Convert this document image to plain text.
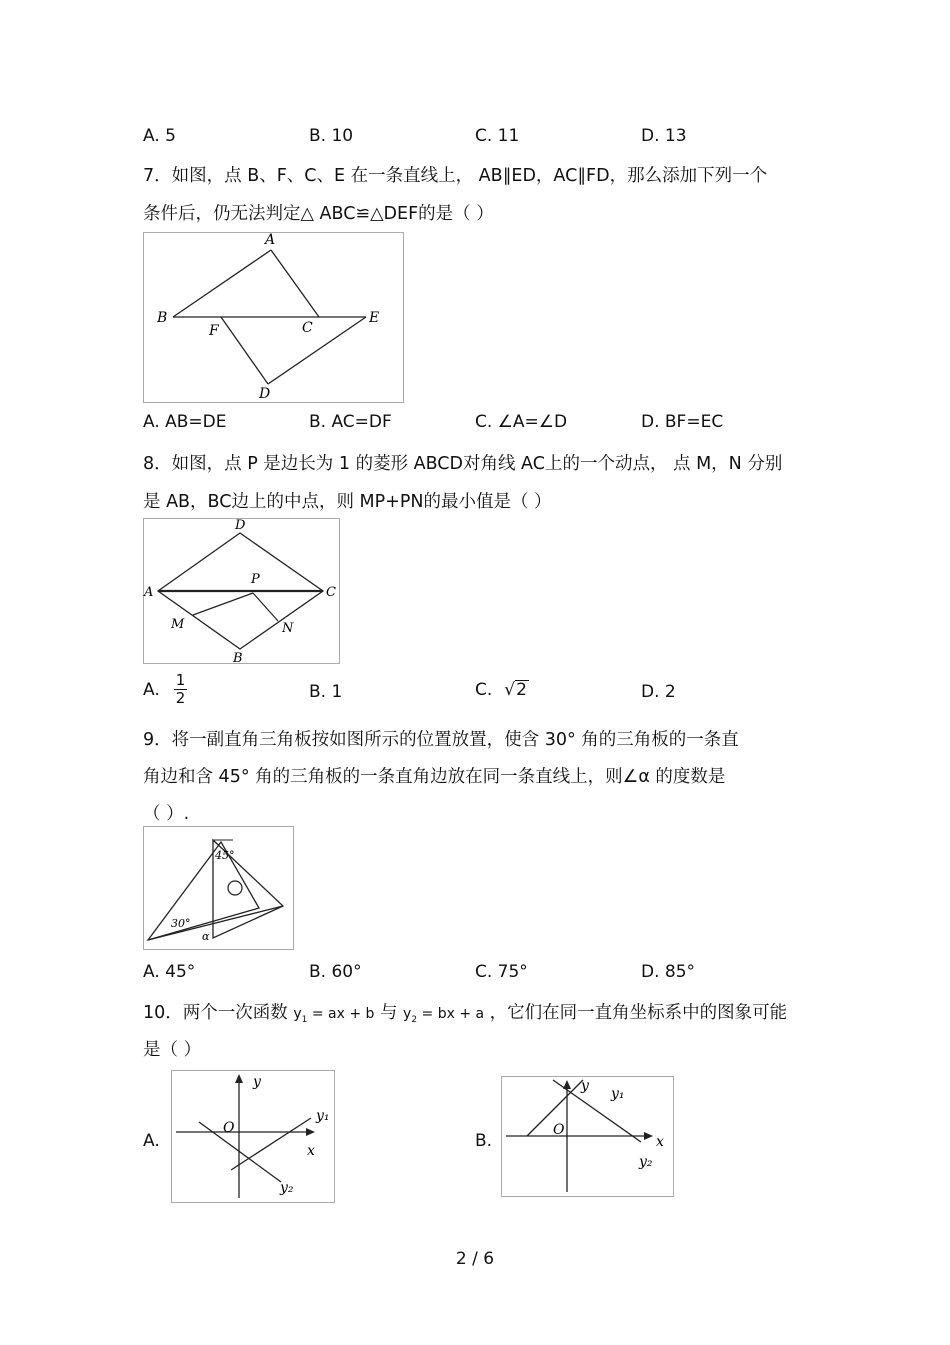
A. 5	B. 10	C. 11	D. 13
7．如图，点 B、F、C、E 在一条直线上， AB∥ED，AC∥FD，那么添加下列一个
条件后，仍无法判定△ ABC≌△DEF的是（ ）
A
B
C
D
E
F
A. AB=DE	B. AC=DF	C. ∠A=∠D	D. BF=EC
8．如图，点 P 是边长为 1 的菱形 ABCD对角线 AC上的一个动点， 点 M，N 分别
是 AB，BC边上的中点，则 MP+PN的最小值是（ ）
D
A	C
B
P
M	N
A. $\frac{1}{2}$	B. 1	C. √ 2	D. 2
9．将一副直角三角板按如图所示的位置放置，使含 30° 角的三角板的一条直
角边和含 45° 角的三角板的一条直角边放在同一条直线上，则∠α 的度数是
（ ）.
45°
30°
α
A. 45°	B. 60°	C. 75°	D. 85°
10．两个一次函数 $y_1$ = ax + b 与 $y_2$ = bx + a ，它们在同一直角坐标系中的图象可能
是（ ）
A.
y
x
O
y₁
y₂
B.
y
x
O
y₁
y₂
2 / 6
